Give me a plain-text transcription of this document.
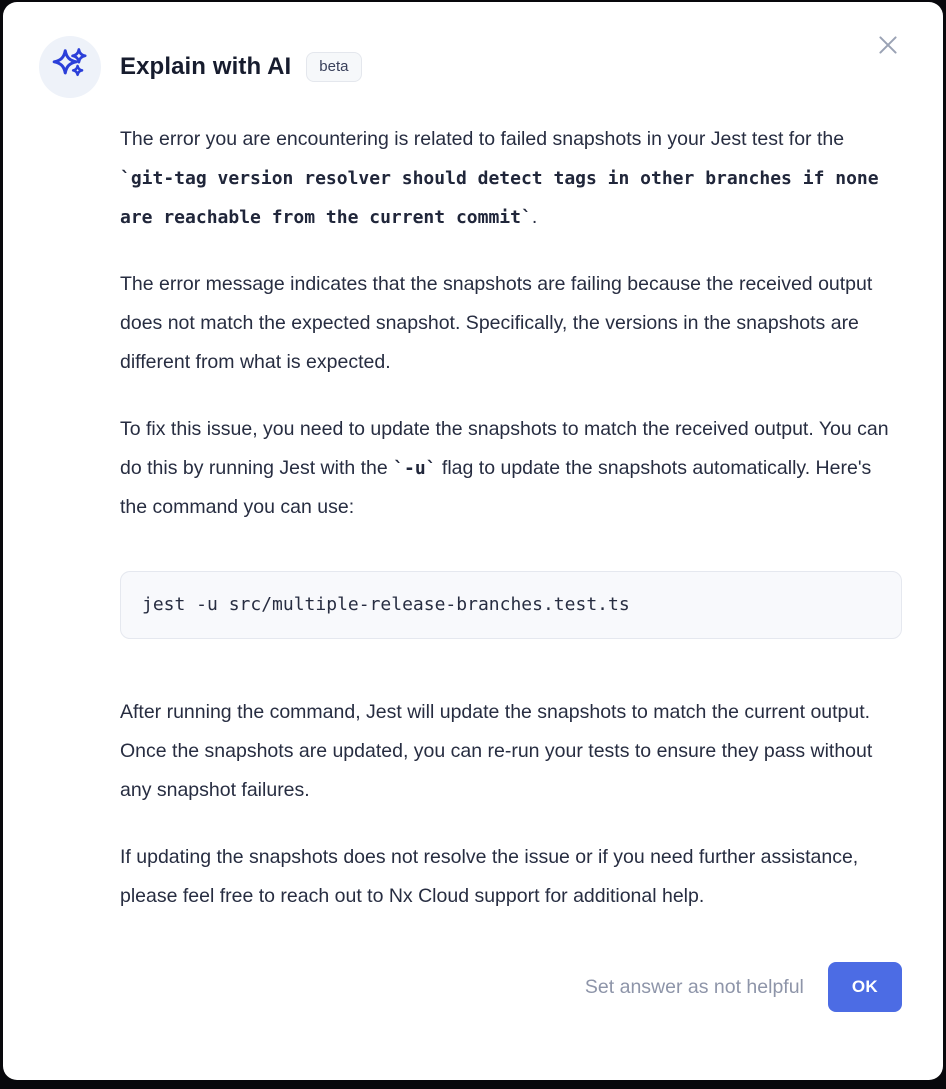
Explain with AI	beta

The error you are encountering is related to failed snapshots in your Jest test for the `git-tag version resolver should detect tags in other branches if none are reachable from the current commit`.

The error message indicates that the snapshots are failing because the received output does not match the expected snapshot. Specifically, the versions in the snapshots are different from what is expected.

To fix this issue, you need to update the snapshots to match the received output. You can do this by running Jest with the `-u` flag to update the snapshots automatically. Here's the command you can use:

jest -u src/multiple-release-branches.test.ts

After running the command, Jest will update the snapshots to match the current output. Once the snapshots are updated, you can re-run your tests to ensure they pass without any snapshot failures.

If updating the snapshots does not resolve the issue or if you need further assistance, please feel free to reach out to Nx Cloud support for additional help.

Set answer as not helpful	OK
